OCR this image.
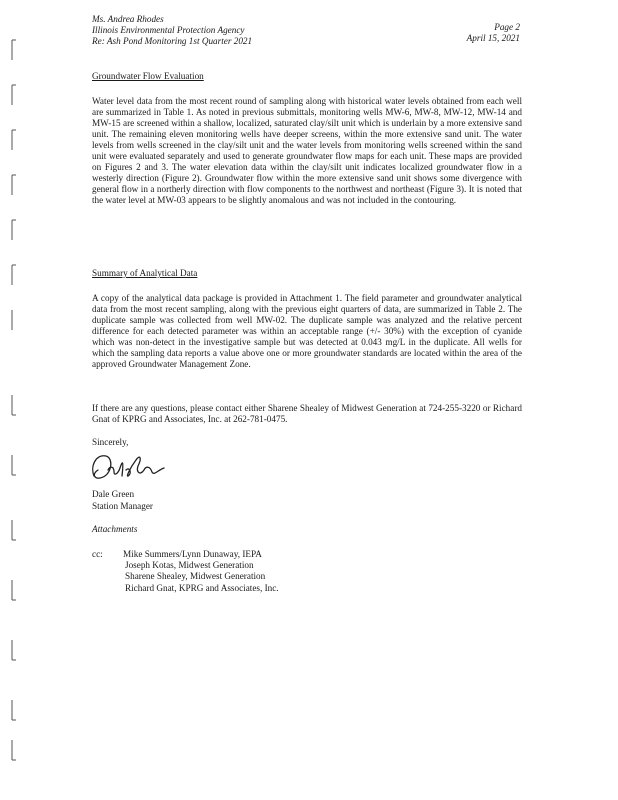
Ms. Andrea Rhodes
Illinois Environmental Protection Agency
Re: Ash Pond Monitoring 1st Quarter 2021
Page 2
April 15, 2021
Groundwater Flow Evaluation
Water level data from the most recent round of sampling along with historical water levels obtained from each well are summarized in Table 1. As noted in previous submittals, monitoring wells MW-6, MW-8, MW-12, MW-14 and MW-15 are screened within a shallow, localized, saturated clay/silt unit which is underlain by a more extensive sand unit. The remaining eleven monitoring wells have deeper screens, within the more extensive sand unit. The water levels from wells screened in the clay/silt unit and the water levels from monitoring wells screened within the sand unit were evaluated separately and used to generate groundwater flow maps for each unit. These maps are provided on Figures 2 and 3. The water elevation data within the clay/silt unit indicates localized groundwater flow in a westerly direction (Figure 2). Groundwater flow within the more extensive sand unit shows some divergence with general flow in a northerly direction with flow components to the northwest and northeast (Figure 3). It is noted that the water level at MW-03 appears to be slightly anomalous and was not included in the contouring.
Summary of Analytical Data
A copy of the analytical data package is provided in Attachment 1. The field parameter and groundwater analytical data from the most recent sampling, along with the previous eight quarters of data, are summarized in Table 2. The duplicate sample was collected from well MW-02. The duplicate sample was analyzed and the relative percent difference for each detected parameter was within an acceptable range (+/- 30%) with the exception of cyanide which was non-detect in the investigative sample but was detected at 0.043 mg/L in the duplicate. All wells for which the sampling data reports a value above one or more groundwater standards are located within the area of the approved Groundwater Management Zone.
If there are any questions, please contact either Sharene Shealey of Midwest Generation at 724-255-3220 or Richard Gnat of KPRG and Associates, Inc. at 262-781-0475.
Sincerely,
Dale Green
Station Manager
Attachments
cc: Mike Summers/Lynn Dunaway, IEPA
Joseph Kotas, Midwest Generation
Sharene Shealey, Midwest Generation
Richard Gnat, KPRG and Associates, Inc.
